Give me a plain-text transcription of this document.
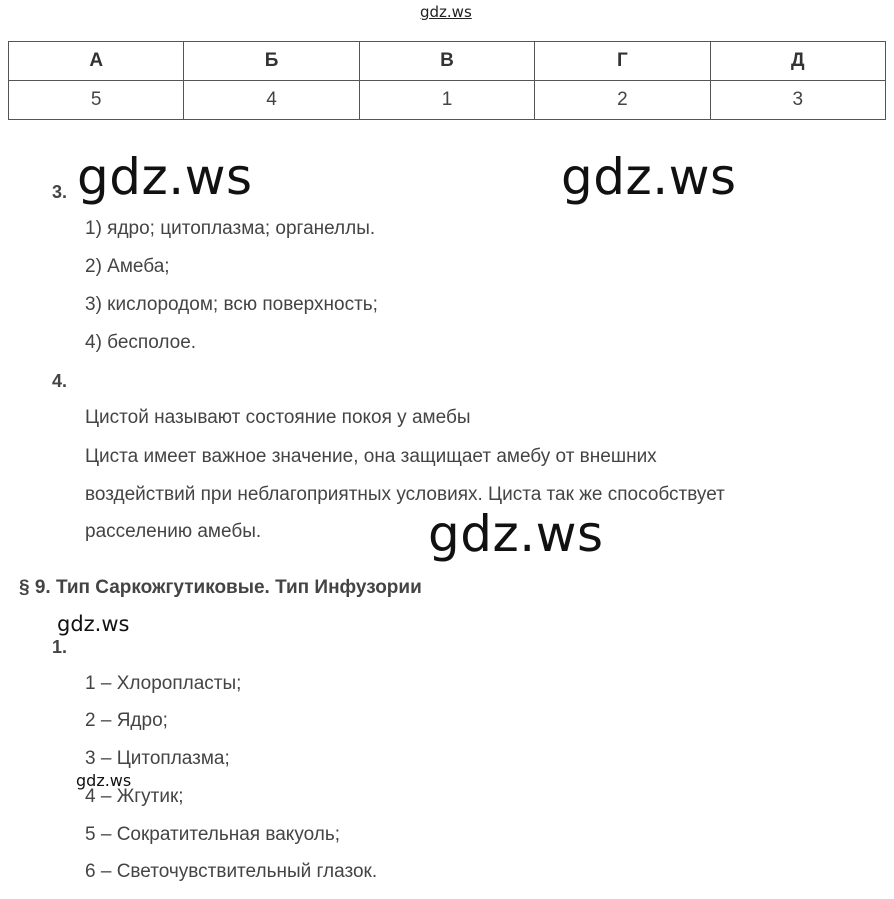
gdz.ws
gdz.ws	gdz.ws
gdz.ws
gdz.ws
gdz.ws
А	Б	В	Г	Д
5	4	1	2	3
3.
1) ядро; цитоплазма; органеллы.
2) Амеба;
3) кислородом; всю поверхность;
4) бесполое.
4.
Цистой называют состояние покоя у амебы
Циста имеет важное значение, она защищает амебу от внешних
воздействий при неблагоприятных условиях. Циста так же способствует
расселению амебы.
§ 9. Тип Саркожгутиковые. Тип Инфузории
1.
1 – Хлоропласты;
2 – Ядро;
3 – Цитоплазма;
4 – Жгутик;
5 – Сократительная вакуоль;
6 – Светочувствительный глазок.
